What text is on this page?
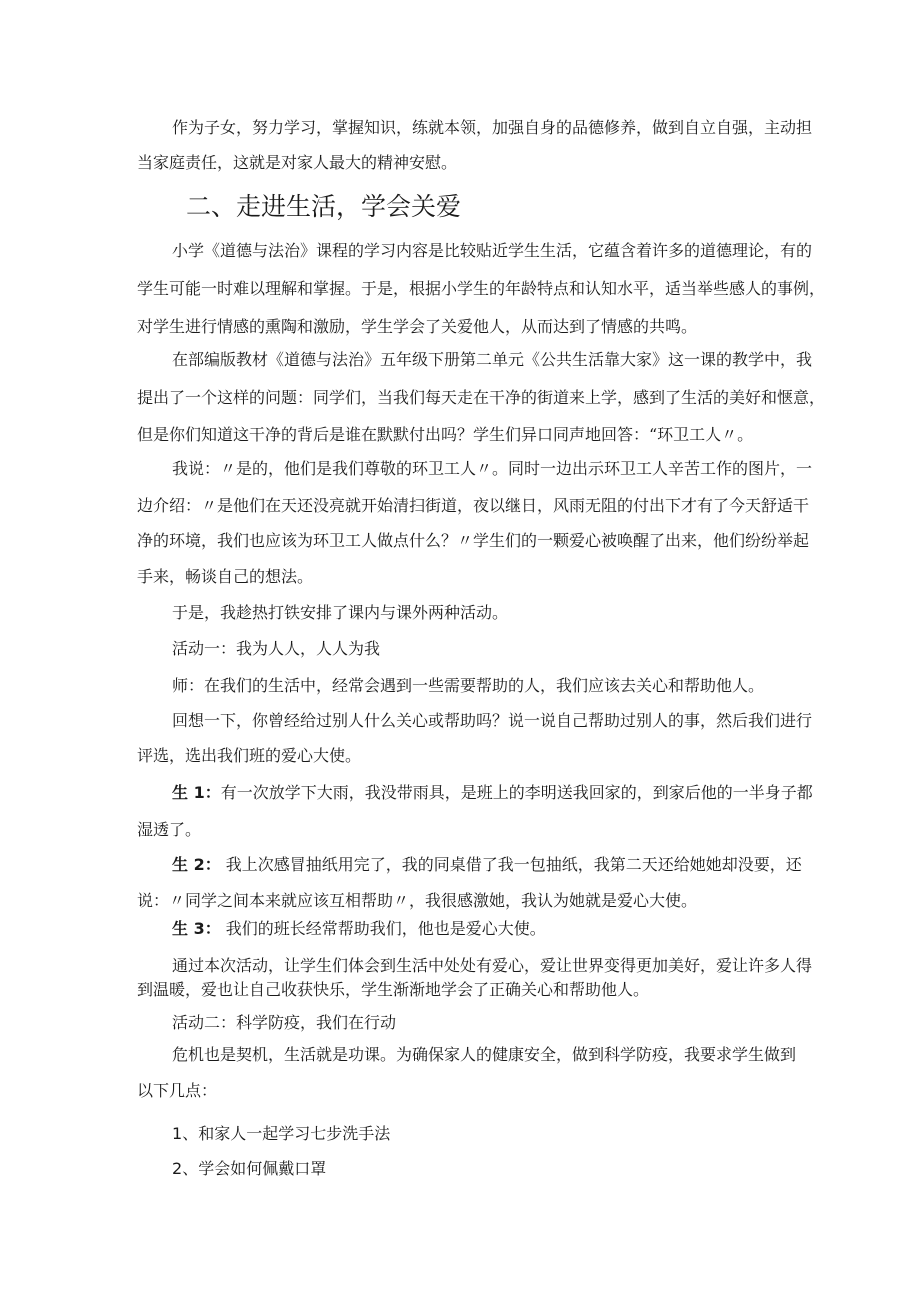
作为子女，努力学习，掌握知识，练就本领，加强自身的品德修养，做到自立自强，主动担
当家庭责任，这就是对家人最大的精神安慰。
二、走进生活，学会关爱
小学《道德与法治》课程的学习内容是比较贴近学生生活，它蕴含着许多的道德理论，有的
学生可能一时难以理解和掌握。于是，根据小学生的年龄特点和认知水平，适当举些感人的事例，
对学生进行情感的熏陶和激励，学生学会了关爱他人，从而达到了情感的共鸣。
在部编版教材《道德与法治》五年级下册第二单元《公共生活靠大家》这一课的教学中，我
提出了一个这样的问题：同学们，当我们每天走在干净的街道来上学，感到了生活的美好和惬意，
但是你们知道这干净的背后是谁在默默付出吗？学生们异口同声地回答：“环卫工人〃。
我说：〃是的，他们是我们尊敬的环卫工人〃。同时一边出示环卫工人辛苦工作的图片，一
边介绍：〃是他们在天还没亮就开始清扫街道，夜以继日，风雨无阻的付出下才有了今天舒适干
净的环境，我们也应该为环卫工人做点什么？〃学生们的一颗爱心被唤醒了出来，他们纷纷举起
手来，畅谈自己的想法。
于是，我趁热打铁安排了课内与课外两种活动。
活动一：我为人人，人人为我
师：在我们的生活中，经常会遇到一些需要帮助的人，我们应该去关心和帮助他人。
回想一下，你曾经给过别人什么关心或帮助吗？说一说自己帮助过别人的事，然后我们进行
评选，选出我们班的爱心大使。
生 1：有一次放学下大雨，我没带雨具，是班上的李明送我回家的，到家后他的一半身子都
湿透了。
生 2： 我上次感冒抽纸用完了，我的同桌借了我一包抽纸，我第二天还给她她却没要，还
说：〃同学之间本来就应该互相帮助〃，我很感激她，我认为她就是爱心大使。
生 3： 我们的班长经常帮助我们，他也是爱心大使。
通过本次活动，让学生们体会到生活中处处有爱心，爱让世界变得更加美好，爱让许多人得
到温暖，爱也让自己收获快乐，学生渐渐地学会了正确关心和帮助他人。
活动二：科学防疫，我们在行动
危机也是契机，生活就是功课。为确保家人的健康安全，做到科学防疫，我要求学生做到
以下几点：
1、和家人一起学习七步洗手法
2、学会如何佩戴口罩
